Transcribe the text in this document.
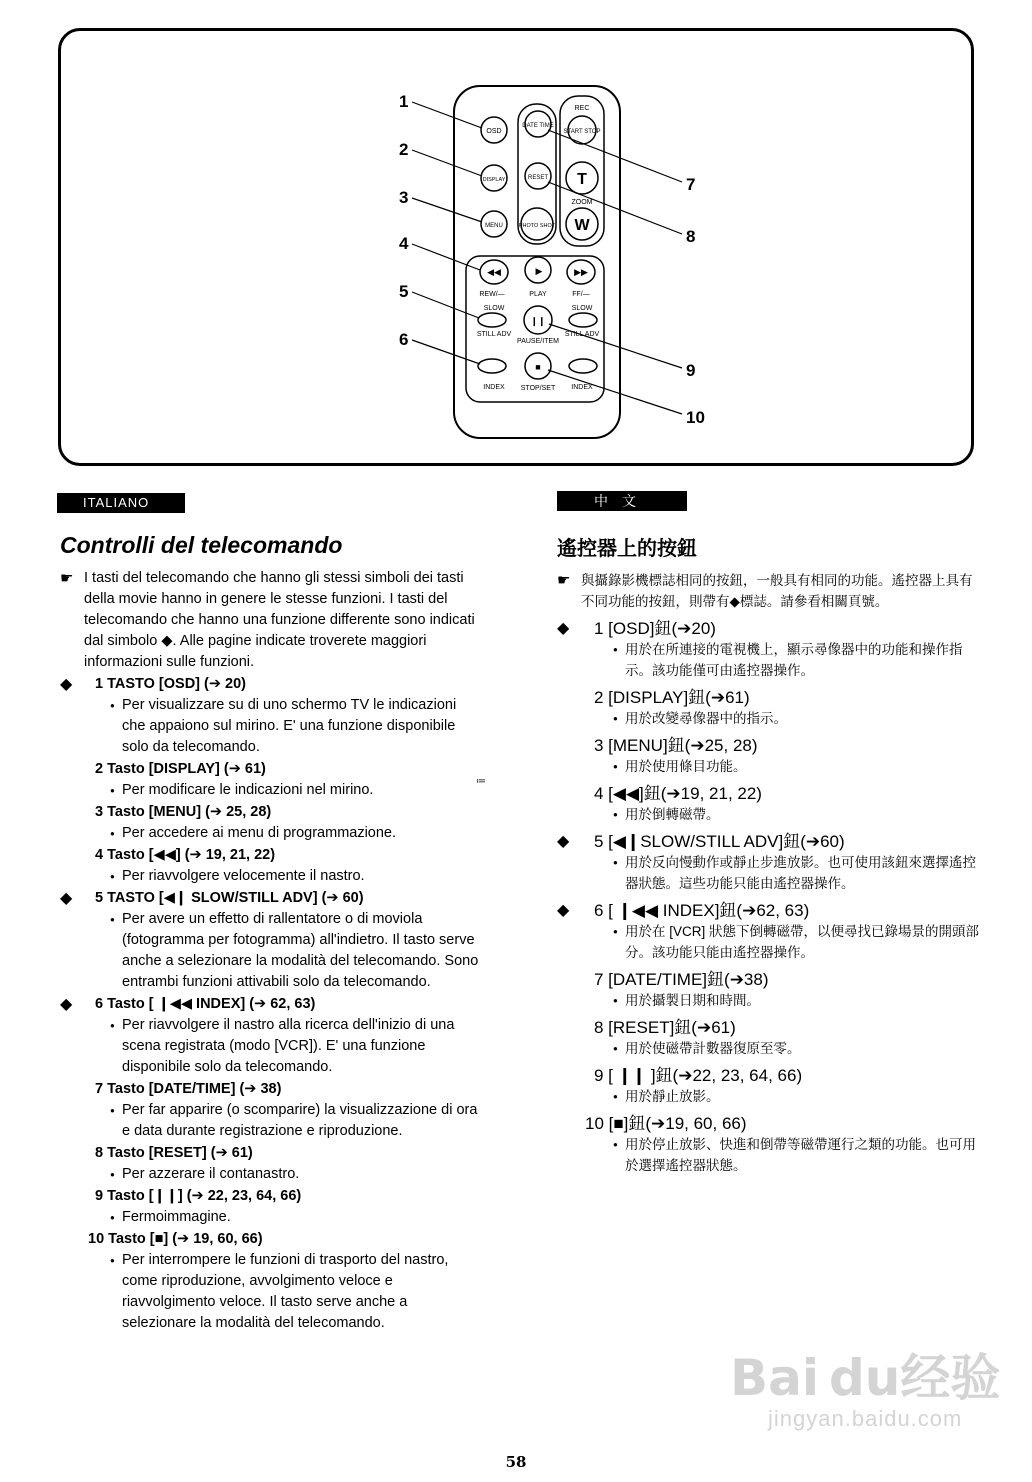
OSD
DATE TIME
REC
START STOP
DISPLAY	RESET T
ZOOM
MENU	PHOTO SHOT W
REW/—	PLAY	FF/—
SLOW	SLOW
STILL ADV	STILL ADV
PAUSE/ITEM
INDEX STOP/SET INDEX
◀◀	▶	▶▶
❙❙
■
1
2
3
4
5
6
7
8
9
10
ITALIANO	中文
Controlli del telecomando	遙控器上的按鈕
☛ I tasti del telecomando che hanno gli stessi simboli dei tasti della movie hanno in genere le stesse funzioni. I tasti del telecomando che hanno una funzione differente sono indicati dal simbolo ◆. Alle pagine indicate troverete maggiori informazioni sulle funzioni.
◆	1 TASTO [OSD] (➔ 20)
● Per visualizzare su di uno schermo TV le indicazioni che appaiono sul mirino. E' una funzione disponibile solo da telecomando.
2 Tasto [DISPLAY] (➔ 61)
● Per modificare le indicazioni nel mirino.
3 Tasto [MENU] (➔ 25, 28)
● Per accedere ai menu di programmazione.
4 Tasto [◀◀] (➔ 19, 21, 22)
● Per riavvolgere velocemente il nastro.
◆	5 TASTO [◀❙ SLOW/STILL ADV] (➔ 60)
● Per avere un effetto di rallentatore o di moviola (fotogramma per fotogramma) all'indietro. Il tasto serve anche a selezionare la modalità del telecomando. Sono entrambi funzioni attivabili solo da telecomando.
◆	6 Tasto [ ❙◀◀ INDEX] (➔ 62, 63)
● Per riavvolgere il nastro alla ricerca dell'inizio di una scena registrata (modo [VCR]). E' una funzione disponibile solo da telecomando.
7 Tasto [DATE/TIME] (➔ 38)
● Per far apparire (o scomparire) la visualizzazione di ora e data durante registrazione e riproduzione.
8 Tasto [RESET] (➔ 61)
● Per azzerare il contanastro.
9 Tasto [❙❙] (➔ 22, 23, 64, 66)
● Fermoimmagine.
10 Tasto [■] (➔ 19, 60, 66)
● Per interrompere le funzioni di trasporto del nastro, come riproduzione, avvolgimento veloce e riavvolgimento veloce. Il tasto serve anche a selezionare la modalità del telecomando.
☛ 與攝錄影機標誌相同的按鈕，一般具有相同的功能。遙控器上具有不同功能的按鈕，則帶有◆標誌。請參看相關頁號。
◆	1 [OSD]鈕(➔20)
● 用於在所連接的電視機上，顯示尋像器中的功能和操作指示。該功能僅可由遙控器操作。
2 [DISPLAY]鈕(➔61)
● 用於改變尋像器中的指示。
3 [MENU]鈕(➔25, 28)
● 用於使用條目功能。
4 [◀◀]鈕(➔19, 21, 22)
● 用於倒轉磁帶。
◆	5 [◀❙SLOW/STILL ADV]鈕(➔60)
● 用於反向慢動作或靜止步進放影。也可使用該鈕來選擇遙控器狀態。這些功能只能由遙控器操作。
◆	6 [ ❙◀◀ INDEX]鈕(➔62, 63)
● 用於在 [VCR] 狀態下倒轉磁帶，以便尋找已錄場景的開頭部分。該功能只能由遙控器操作。
7 [DATE/TIME]鈕(➔38)
● 用於攝製日期和時間。
8 [RESET]鈕(➔61)
● 用於使磁帶計數器復原至零。
9 [ ❙❙ ]鈕(➔22, 23, 64, 66)
● 用於靜止放影。
10 [■]鈕(➔19, 60, 66)
● 用於停止放影、快進和倒帶等磁帶運行之類的功能。也可用於選擇遙控器狀態。
≔
Bai du经验
jingyan.baidu.com
58
